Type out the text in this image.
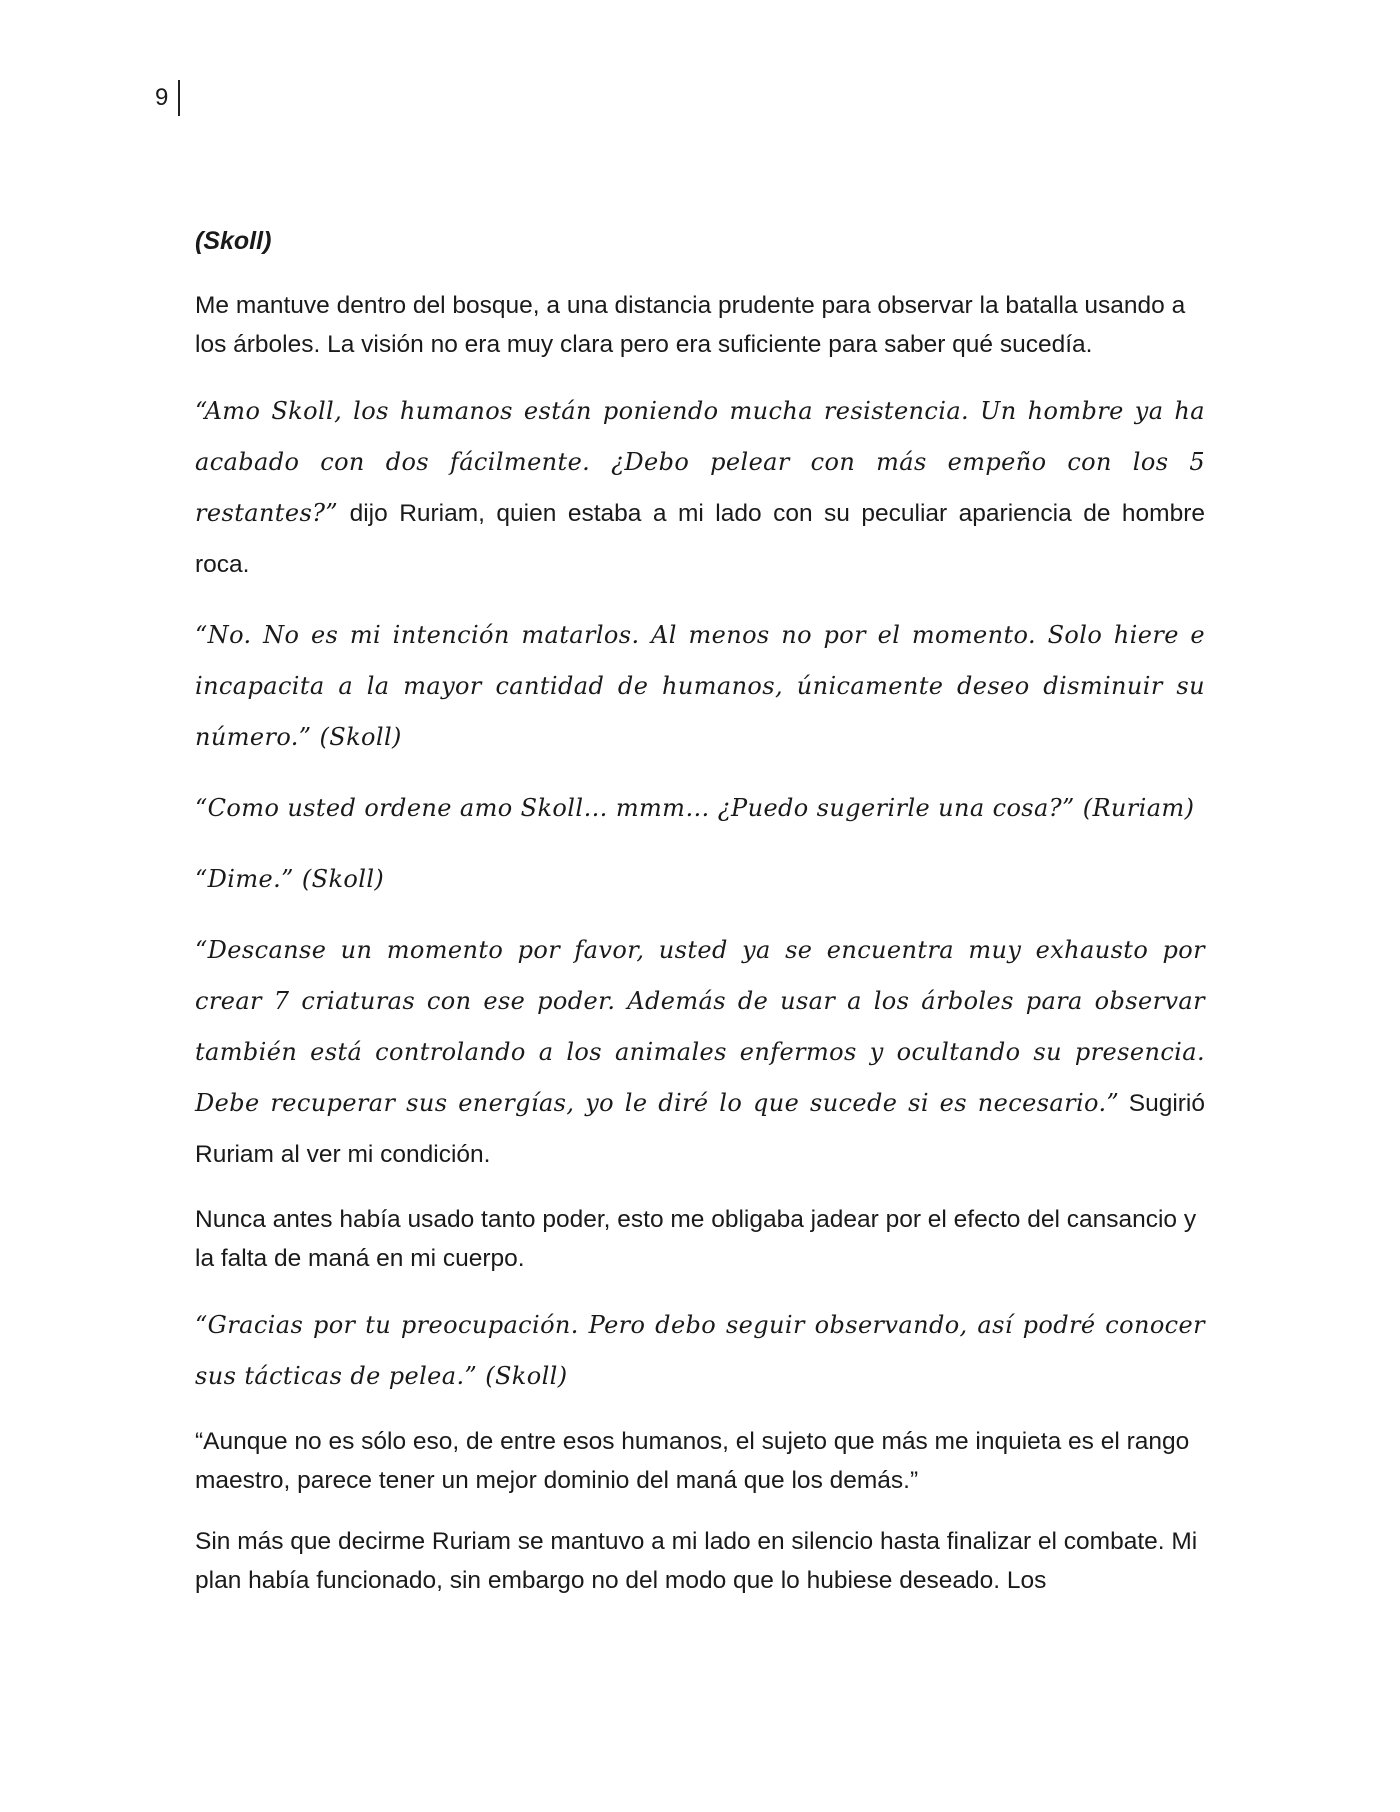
9

(Skoll)

Me mantuve dentro del bosque, a una distancia prudente para observar la batalla usando a los árboles. La visión no era muy clara pero era suficiente para saber qué sucedía.

“Amo Skoll, los humanos están poniendo mucha resistencia. Un hombre ya ha acabado con dos fácilmente. ¿Debo pelear con más empeño con los 5 restantes?” dijo Ruriam, quien estaba a mi lado con su peculiar apariencia de hombre roca.

“No. No es mi intención matarlos. Al menos no por el momento. Solo hiere e incapacita a la mayor cantidad de humanos, únicamente deseo disminuir su número.” (Skoll)

“Como usted ordene amo Skoll… mmm… ¿Puedo sugerirle una cosa?” (Ruriam)

“Dime.” (Skoll)

“Descanse un momento por favor, usted ya se encuentra muy exhausto por crear 7 criaturas con ese poder. Además de usar a los árboles para observar también está controlando a los animales enfermos y ocultando su presencia. Debe recuperar sus energías, yo le diré lo que sucede si es necesario.” Sugirió Ruriam al ver mi condición.

Nunca antes había usado tanto poder, esto me obligaba jadear por el efecto del cansancio y la falta de maná en mi cuerpo.

“Gracias por tu preocupación. Pero debo seguir observando, así podré conocer sus tácticas de pelea.” (Skoll)

“Aunque no es sólo eso, de entre esos humanos, el sujeto que más me inquieta es el rango maestro, parece tener un mejor dominio del maná que los demás.”

Sin más que decirme Ruriam se mantuvo a mi lado en silencio hasta finalizar el combate. Mi plan había funcionado, sin embargo no del modo que lo hubiese deseado. Los
